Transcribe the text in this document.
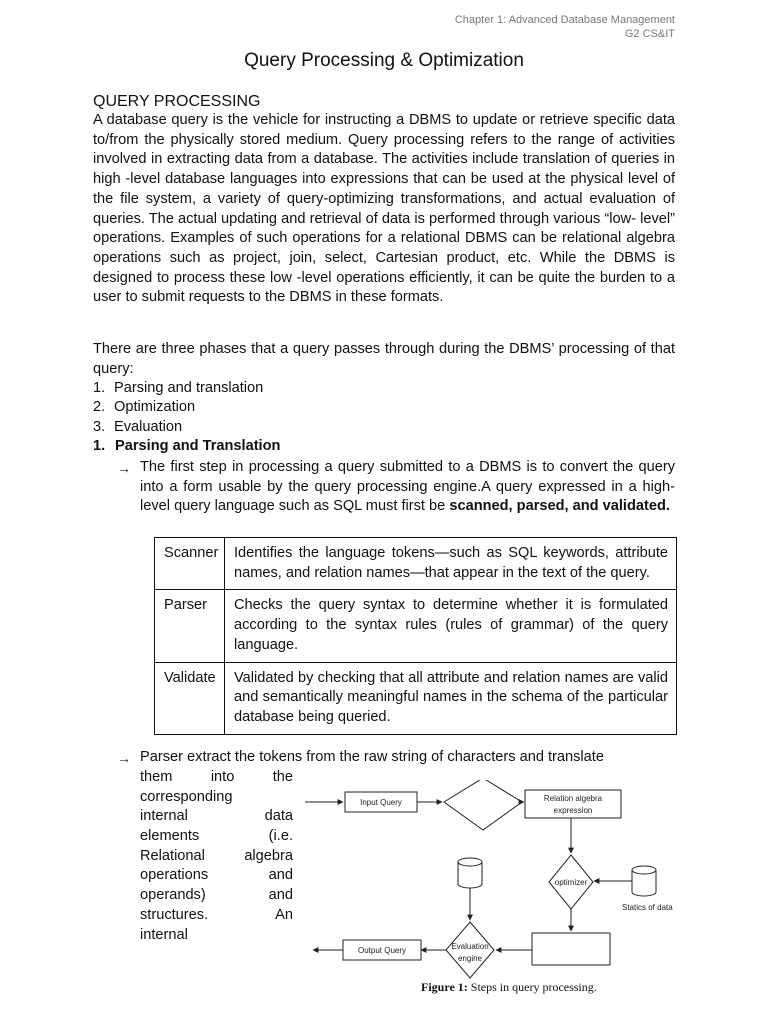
Chapter 1: Advanced Database Management
G2 CS&IT
Query Processing & Optimization
QUERY PROCESSING
A database query is the vehicle for instructing a DBMS to update or retrieve specific data to/from the physically stored medium. Query processing refers to the range of activities involved in extracting data from a database. The activities include translation of queries in high -level database languages into expressions that can be used at the physical level of the file system, a variety of query-optimizing transformations, and actual evaluation of queries. The actual updating and retrieval of data is performed through various “low- level” operations. Examples of such operations for a relational DBMS can be relational algebra operations such as project, join, select, Cartesian product, etc. While the DBMS is designed to process these low -level operations efficiently, it can be quite the burden to a user to submit requests to the DBMS in these formats.
There are three phases that a query passes through during the DBMS’ processing of that query:
1. Parsing and translation
2. Optimization
3. Evaluation
1. Parsing and Translation
→ The first step in processing a query submitted to a DBMS is to convert the query into a form usable by the query processing engine.A query expressed in a high-level query language such as SQL must first be scanned, parsed, and validated.
Scanner	Identifies the language tokens—such as SQL keywords, attribute names, and relation names—that appear in the text of the query.
Parser	Checks the query syntax to determine whether it is formulated according to the syntax rules (rules of grammar) of the query language.
Validate	Validated by checking that all attribute and relation names are valid and semantically meaningful names in the schema of the particular database being queried.
→ Parser extract the tokens from the raw string of characters and translate
them	into	the
corresponding
internal	data
elements	(i.e.
Relational	algebra
operations	and
operands)	and
structures.	An
internal
Input Query	Relation algebra
expression
optimizer
Statics of data
Evaluation
engine
Output Query
Figure 1: Steps in query processing.
